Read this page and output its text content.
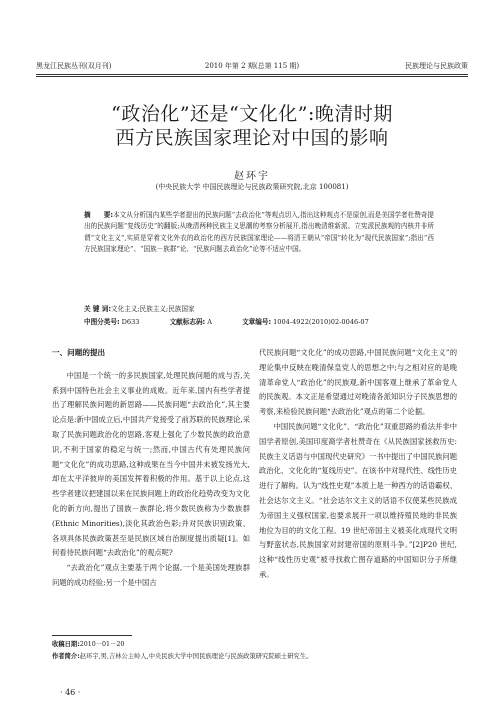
黑龙江民族丛刊(双月刊)	2010 年第 2 期(总第 115 期)	民族理论与民族政策
“政治化”还是“文化化”:晚清时期
西方民族国家理论对中国的影响
赵环宇
(中央民族大学 中国民族理论与民族政策研究院,北京 100081)
摘　　要:本文从分析国内某些学者提出的民族问题“去政治化”等观点切入,指出这种观点不是原创,而是美国学者杜赞奇提出的民族问题“复线历史”的翻版;从晚清两种民族主义思潮的考察分析展开,指出晚清维新派、立宪派民族观的内核并非所谓“文化主义”,实质是穿着文化外衣的政治化的西方民族国家理论——将清王朝从“帝国”转化为“现代民族国家”;指出“西方民族国家理论”、“国族－族群”论、“民族问题去政治化”论等不适应中国。
关 键 词:文化主义;民族主义;民族国家
中图分类号: D633	文献标志码: A	文章编号: 1004-4922(2010)02-0046-07
一、问题的提出

中国是一个统一的多民族国家,处理民族问题的成与否,关系到中国特色社会主义事业的成败。近年来,国内有些学者提出了理解民族问题的新思路——民族问题“去政治化”,其主要论点是:新中国成立后,中国共产党接受了前苏联的民族理论,采取了民族问题政治化的思路,客观上强化了少数民族的政治意识,不利于国家的稳定与统一;然而,中国古代有处理民族问题“文化化”的成功思路,这种成果在当今中国并未被发扬光大,却在太平洋彼岸的美国发挥着积极的作用。基于以上论点,这些学者建议把建国以来在民族问题上的政治化趋势改变为文化化的新方向,提出了国族－族群论,将少数民族称为少数族群(Ethnic Minorities),淡化其政治色彩;并对民族识别政策、各项具体民族政策甚至是民族区域自治制度提出质疑[1]。如何看待民族问题“去政治化”的观点呢?

“去政治化”观点主要基于两个论据,一个是美国处理族群问题的成功经验;另一个是中国古

代民族问题“文化化”的成功思路,中国民族问题“文化主义”的理论集中反映在晚清保皇党人的思想之中;与之相对应的是晚清革命党人“政治化”的民族观,新中国客观上继承了革命党人的民族观。本文正是希望通过对晚清各派知识分子民族思想的考察,来检验民族问题“去政治化”观点的第二个论据。

中国民族问题“文化化”、“政治化”双重思路的看法并非中国学者原创,美国印度裔学者杜赞奇在《从民族国家拯救历史:民族主义话语与中国现代史研究》一书中提出了中国民族问题政治化、文化化的“复线历史”。在该书中对现代性、线性历史进行了解构。认为“线性史观”本质上是一种西方的话语霸权、社会达尔文主义。“社会达尔文主义的话语不仅使某些民族成为帝国主义强权国家,也要求展开一项以维持殖民地的非民族地位为目的的文化工程。19 世纪帝国主义被美化成现代文明与野蛮状态,民族国家对封建帝国的原则斗争。”[2]P20 世纪,这种“线性历史观”被寻找救亡图存道路的中国知识分子所继承。

收稿日期:2010－01－20
作者简介:赵环宇,男,吉林公主岭人,中央民族大学中国民族理论与民族政策研究院硕士研究生。
· 46 ·
